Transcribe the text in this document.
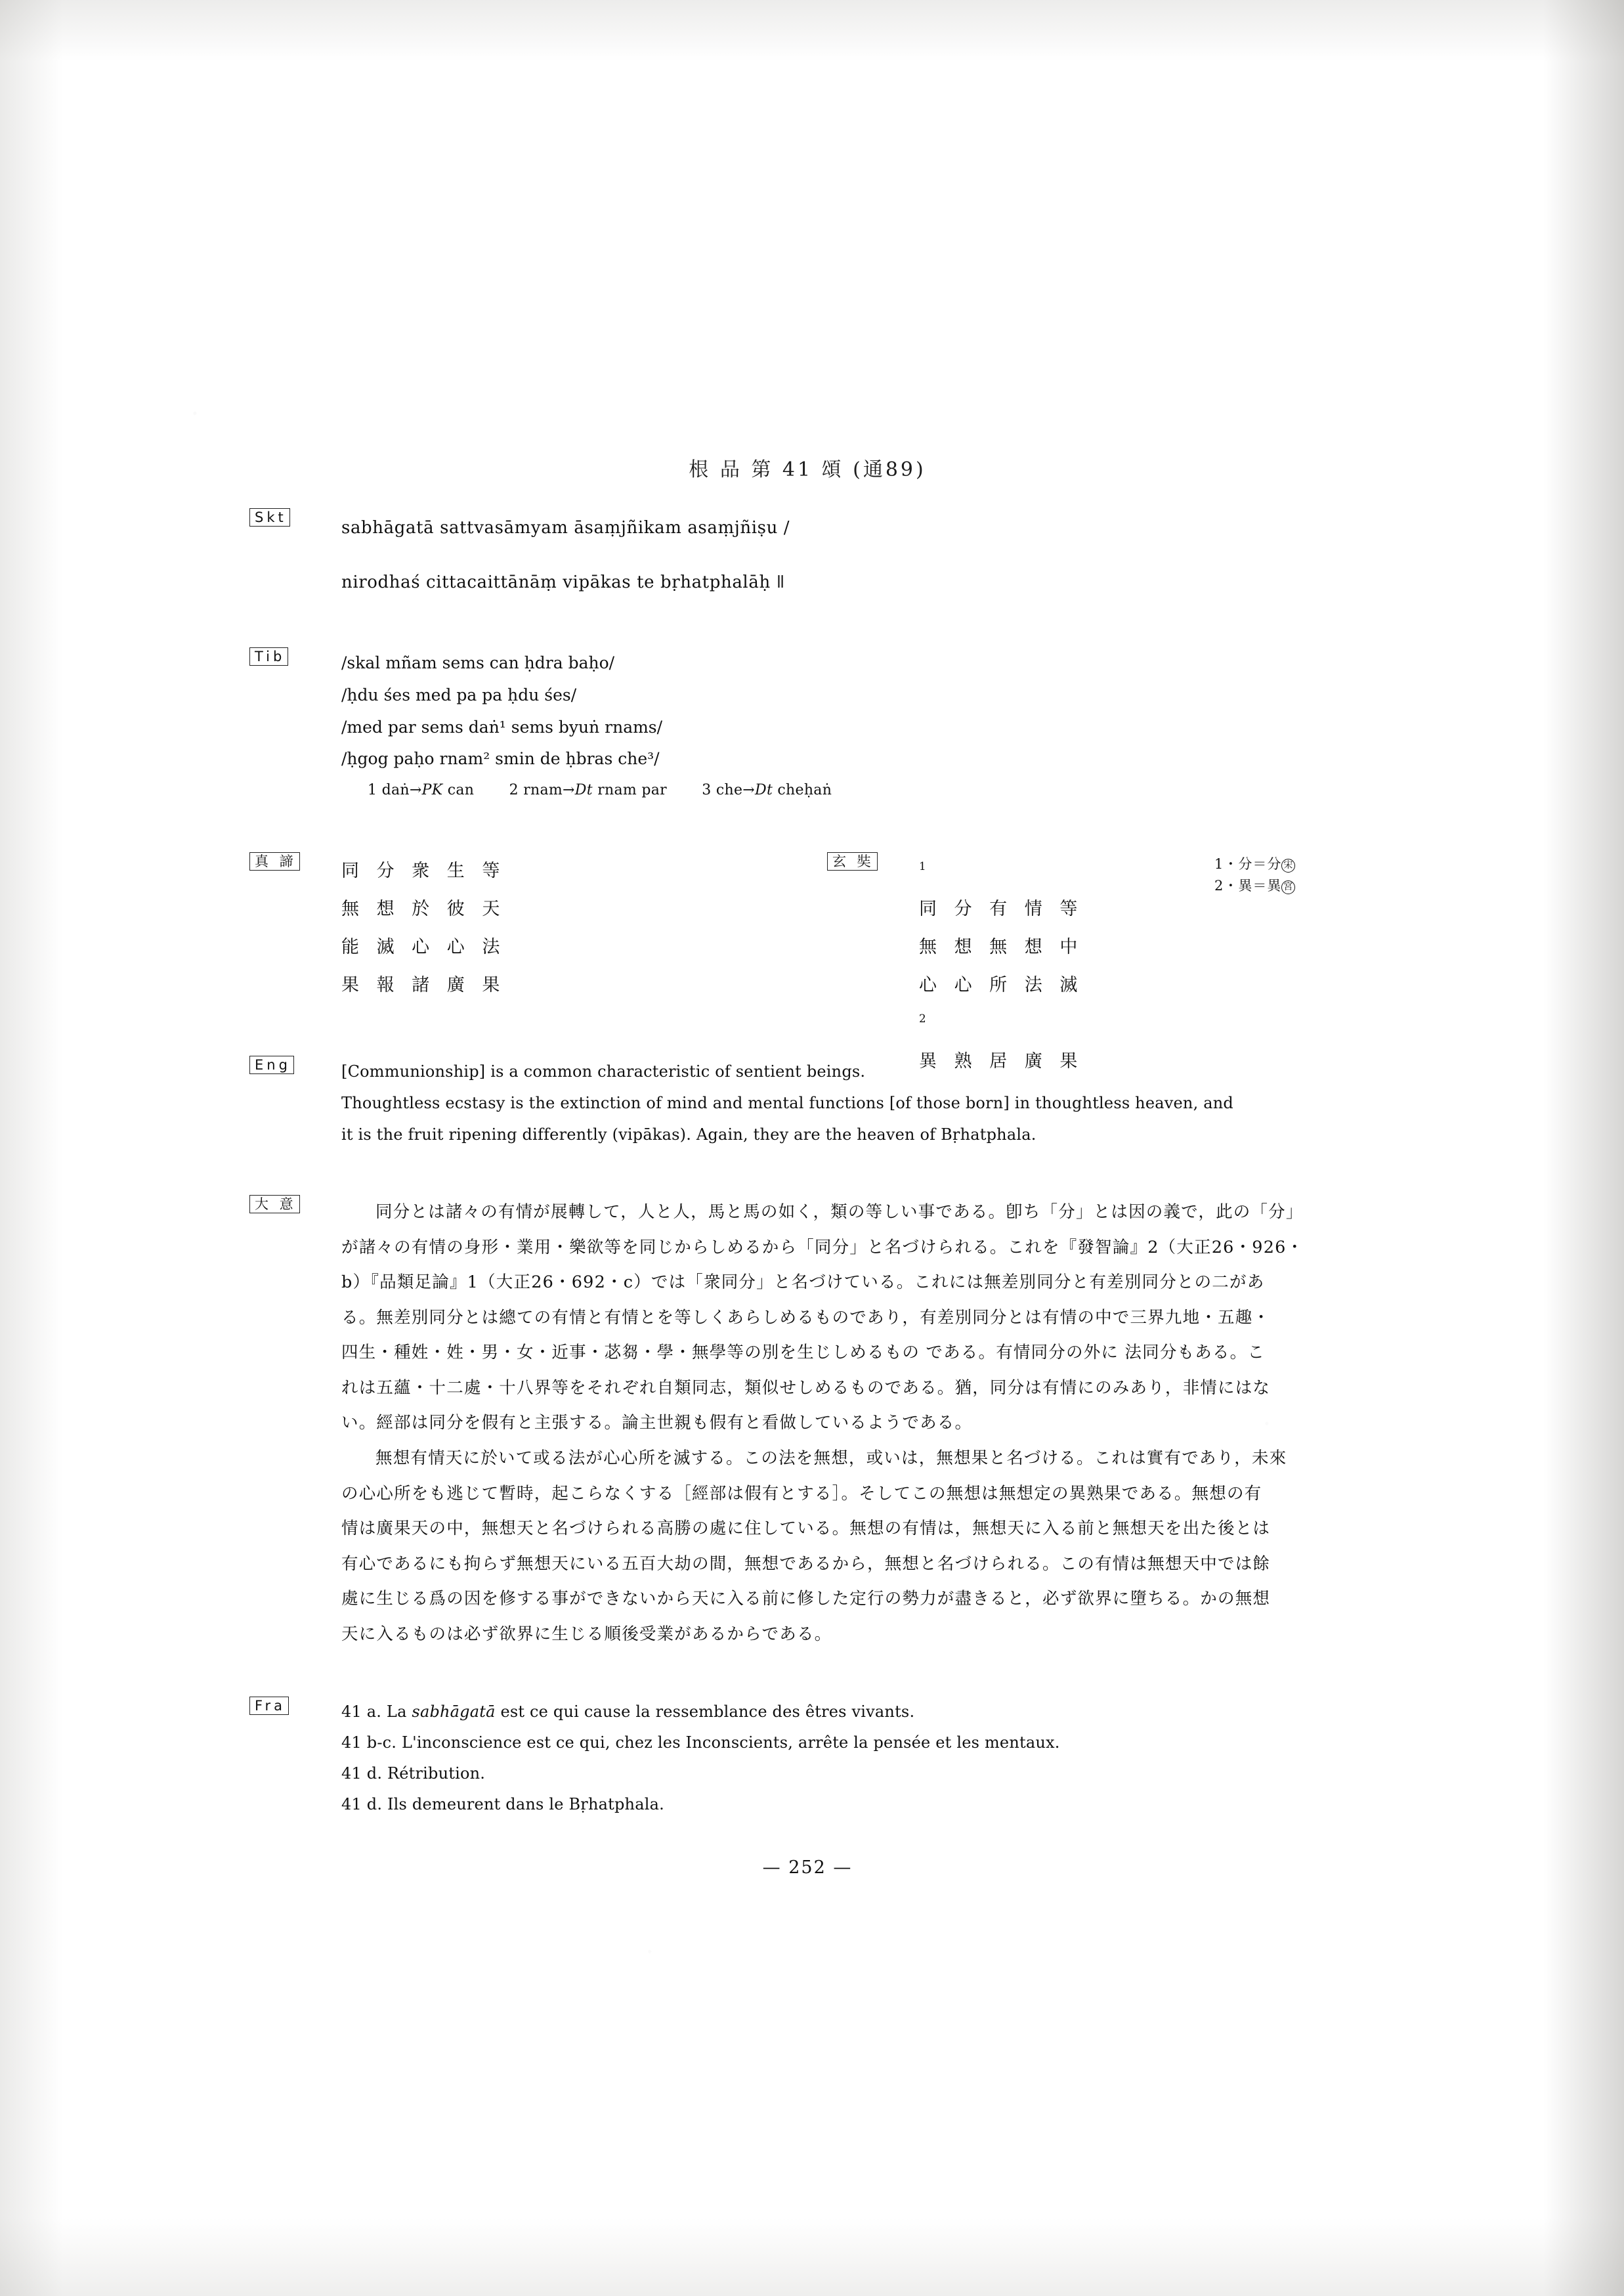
根 品 第 41 頌 (通89)
Skt
sabhāgatā sattvasāmyam āsaṃjñikam asaṃjñiṣu /
nirodhaś cittacaittānāṃ vipākas te bṛhatphalāḥ ǁ
Tib	/skal mñam sems can ḥdra baḥo/
/ḥdu śes med pa pa ḥdu śes/
/med par sems daṅ¹ sems byuṅ rnams/
/ḥgog paḥo rnam² smin de ḥbras che³/
1 daṅ→PK can 2 rnam→Dt rnam par 3 che→Dt cheḥaṅ
真 諦	同 分 衆 生 等
無 想 於 彼 天
能 滅 心 心 法
果 報 諸 廣 果
玄 奘	$^1$
同 分 有 情 等
無 想 無 想 中
心 心 所 法 滅
$^2$
異 熟 居 廣 果
1・分＝分 宋
2・異＝異 宮
Eng	[Communionship] is a common characteristic of sentient beings.
Thoughtless ecstasy is the extinction of mind and mental functions [of those born] in thoughtless heaven, and
it is the fruit ripening differently (vipākas). Again, they are the heaven of Bṛhatphala.
大 意	同分とは諸々の有情が展轉して，人と人，馬と馬の如く，類の等しい事である。卽ち「分」とは因の義で，此の「分」

が諸々の有情の身形・業用・樂欲等を同じからしめるから「同分」と名づけられる。これを『發智論』2（大正26・926・

b）『品類足論』1（大正26・692・c）では「衆同分」と名づけている。これには無差別同分と有差別同分との二があ

る。無差別同分とは總ての有情と有情とを等しくあらしめるものであり，有差別同分とは有情の中で三界九地・五趣・

四生・種姓・姓・男・女・近事・苾芻・學・無學等の別を生じしめるもの である。有情同分の外に 法同分もある。こ

れは五蘊・十二處・十八界等をそれぞれ自類同志，類似せしめるものである。猶，同分は有情にのみあり，非情にはな

い。經部は同分を假有と主張する。論主世親も假有と看做しているようである。

無想有情天に於いて或る法が心心所を滅する。この法を無想，或いは，無想果と名づける。これは實有であり，未來

の心心所をも逃じて暫時，起こらなくする［經部は假有とする］。そしてこの無想は無想定の異熟果である。無想の有

情は廣果天の中，無想天と名づけられる高勝の處に住している。無想の有情は，無想天に入る前と無想天を出た後とは

有心であるにも拘らず無想天にいる五百大劫の間，無想であるから，無想と名づけられる。この有情は無想天中では餘

處に生じる爲の因を修する事ができないから天に入る前に修した定行の勢力が盡きると，必ず欲界に墮ちる。かの無想

天に入るものは必ず欲界に生じる順後受業があるからである。

Fra	41 a. La sabhāgatā est ce qui cause la ressemblance des êtres vivants.
41 b-c. L'inconscience est ce qui, chez les Inconscients, arrête la pensée et les mentaux.
41 d. Rétribution.
41 d. Ils demeurent dans le Bṛhatphala.
— 252 —
